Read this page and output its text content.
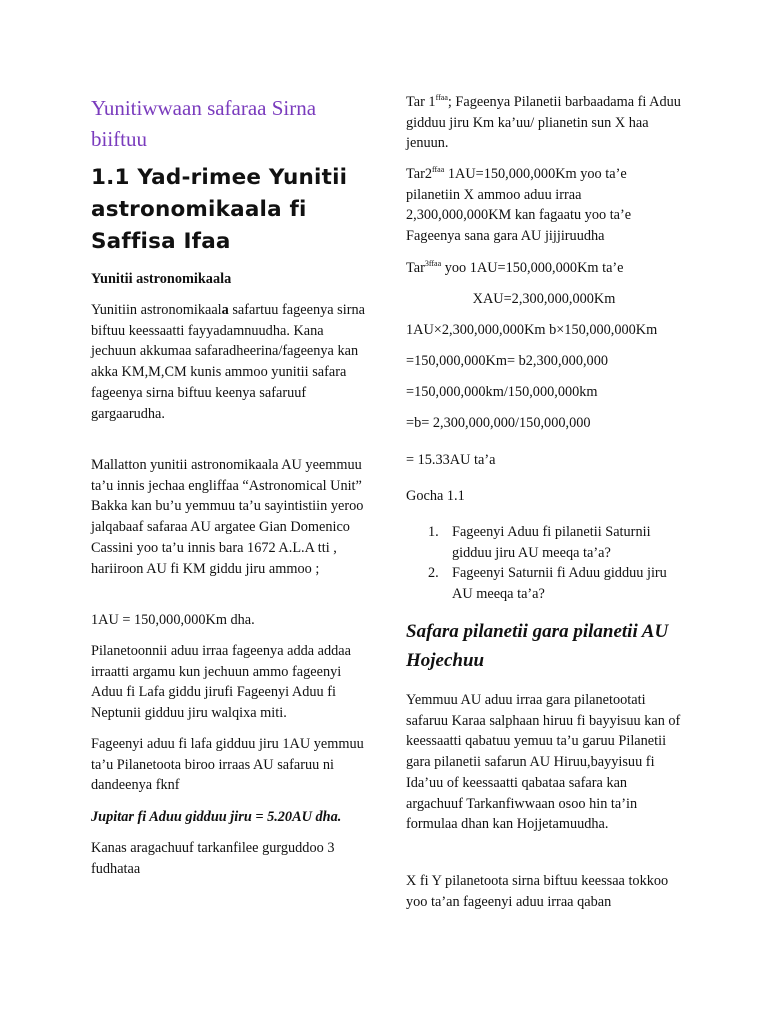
Yunitiwwaan safaraa Sirna biiftuu
1.1 Yad-rimee Yunitii astronomikaala fi Saffisa Ifaa

Yunitii astronomikaala

Yunitiin astronomikaala safartuu fageenya sirna biftuu keessaatti fayyadamnuudha. Kana jechuun akkumaa safaradheerina/fageenya kan akka KM,M,CM kunis ammoo yunitii safara fageenya sirna biftuu keenya safaruuf gargaarudha.

Mallatton yunitii astronomikaala AU yeemmuu ta’u innis jechaa engliffaa “Astronomical Unit” Bakka kan bu’u yemmuu ta’u sayintistiin yeroo jalqabaaf safaraa AU argatee Gian Domenico Cassini yoo ta’u innis bara 1672 A.L.A tti , hariiroon AU fi KM giddu jiru ammoo ;

1AU = 150,000,000Km dha.

Pilanetoonnii aduu irraa fageenya adda addaa irraatti argamu kun jechuun ammo fageenyi Aduu fi Lafa giddu jirufi Fageenyi Aduu fi Neptunii gidduu jiru walqixa miti.

Fageenyi aduu fi lafa gidduu jiru 1AU yemmuu ta’u Pilanetoota biroo irraas AU safaruu ni dandeenya fknf

Jupitar fi Aduu gidduu jiru = 5.20AU dha.

Kanas aragachuuf tarkanfilee gurguddoo 3 fudhataa

Tar $1^{ffaa}$; Fageenya Pilanetii barbaadama fi Aduu gidduu jiru Km ka’uu/ plianetin sun X haa jenuun.

$Tar2^{ffaa}$ 1AU=150,000,000Km yoo ta’e pilanetiin X ammoo aduu irraa 2,300,000,000KM kan fagaatu yoo ta’e Fageenya sana gara AU jijjiruudha

Tar$^{3ffaa}$ yoo 1AU=150,000,000Km ta’e

XAU=2,300,000,000Km

1AU×2,300,000,000Km b×150,000,000Km

=150,000,000Km= b2,300,000,000

=150,000,000km/150,000,000km

=b= 2,300,000,000/150,000,000

= 15.33AU ta’a

Gocha 1.1

1. Fageenyi Aduu fi pilanetii Saturnii gidduu jiru AU meeqa ta’a?
2. Fageenyi Saturnii fi Aduu gidduu jiru AU meeqa ta’a?
Safara pilanetii gara pilanetii AU Hojechuu

Yemmuu AU aduu irraa gara pilanetootati safaruu Karaa salphaan hiruu fi bayyisuu kan of keessaatti qabatuu yemuu ta’u garuu Pilanetii gara pilanetii safarun AU Hiruu,bayyisuu fi Ida’uu of keessaatti qabataa safara kan argachuuf Tarkanfiwwaan osoo hin ta’in formulaa dhan kan Hojjetamuudha.

X fi Y pilanetoota sirna biftuu keessaa tokkoo yoo ta’an fageenyi aduu irraa qaban
